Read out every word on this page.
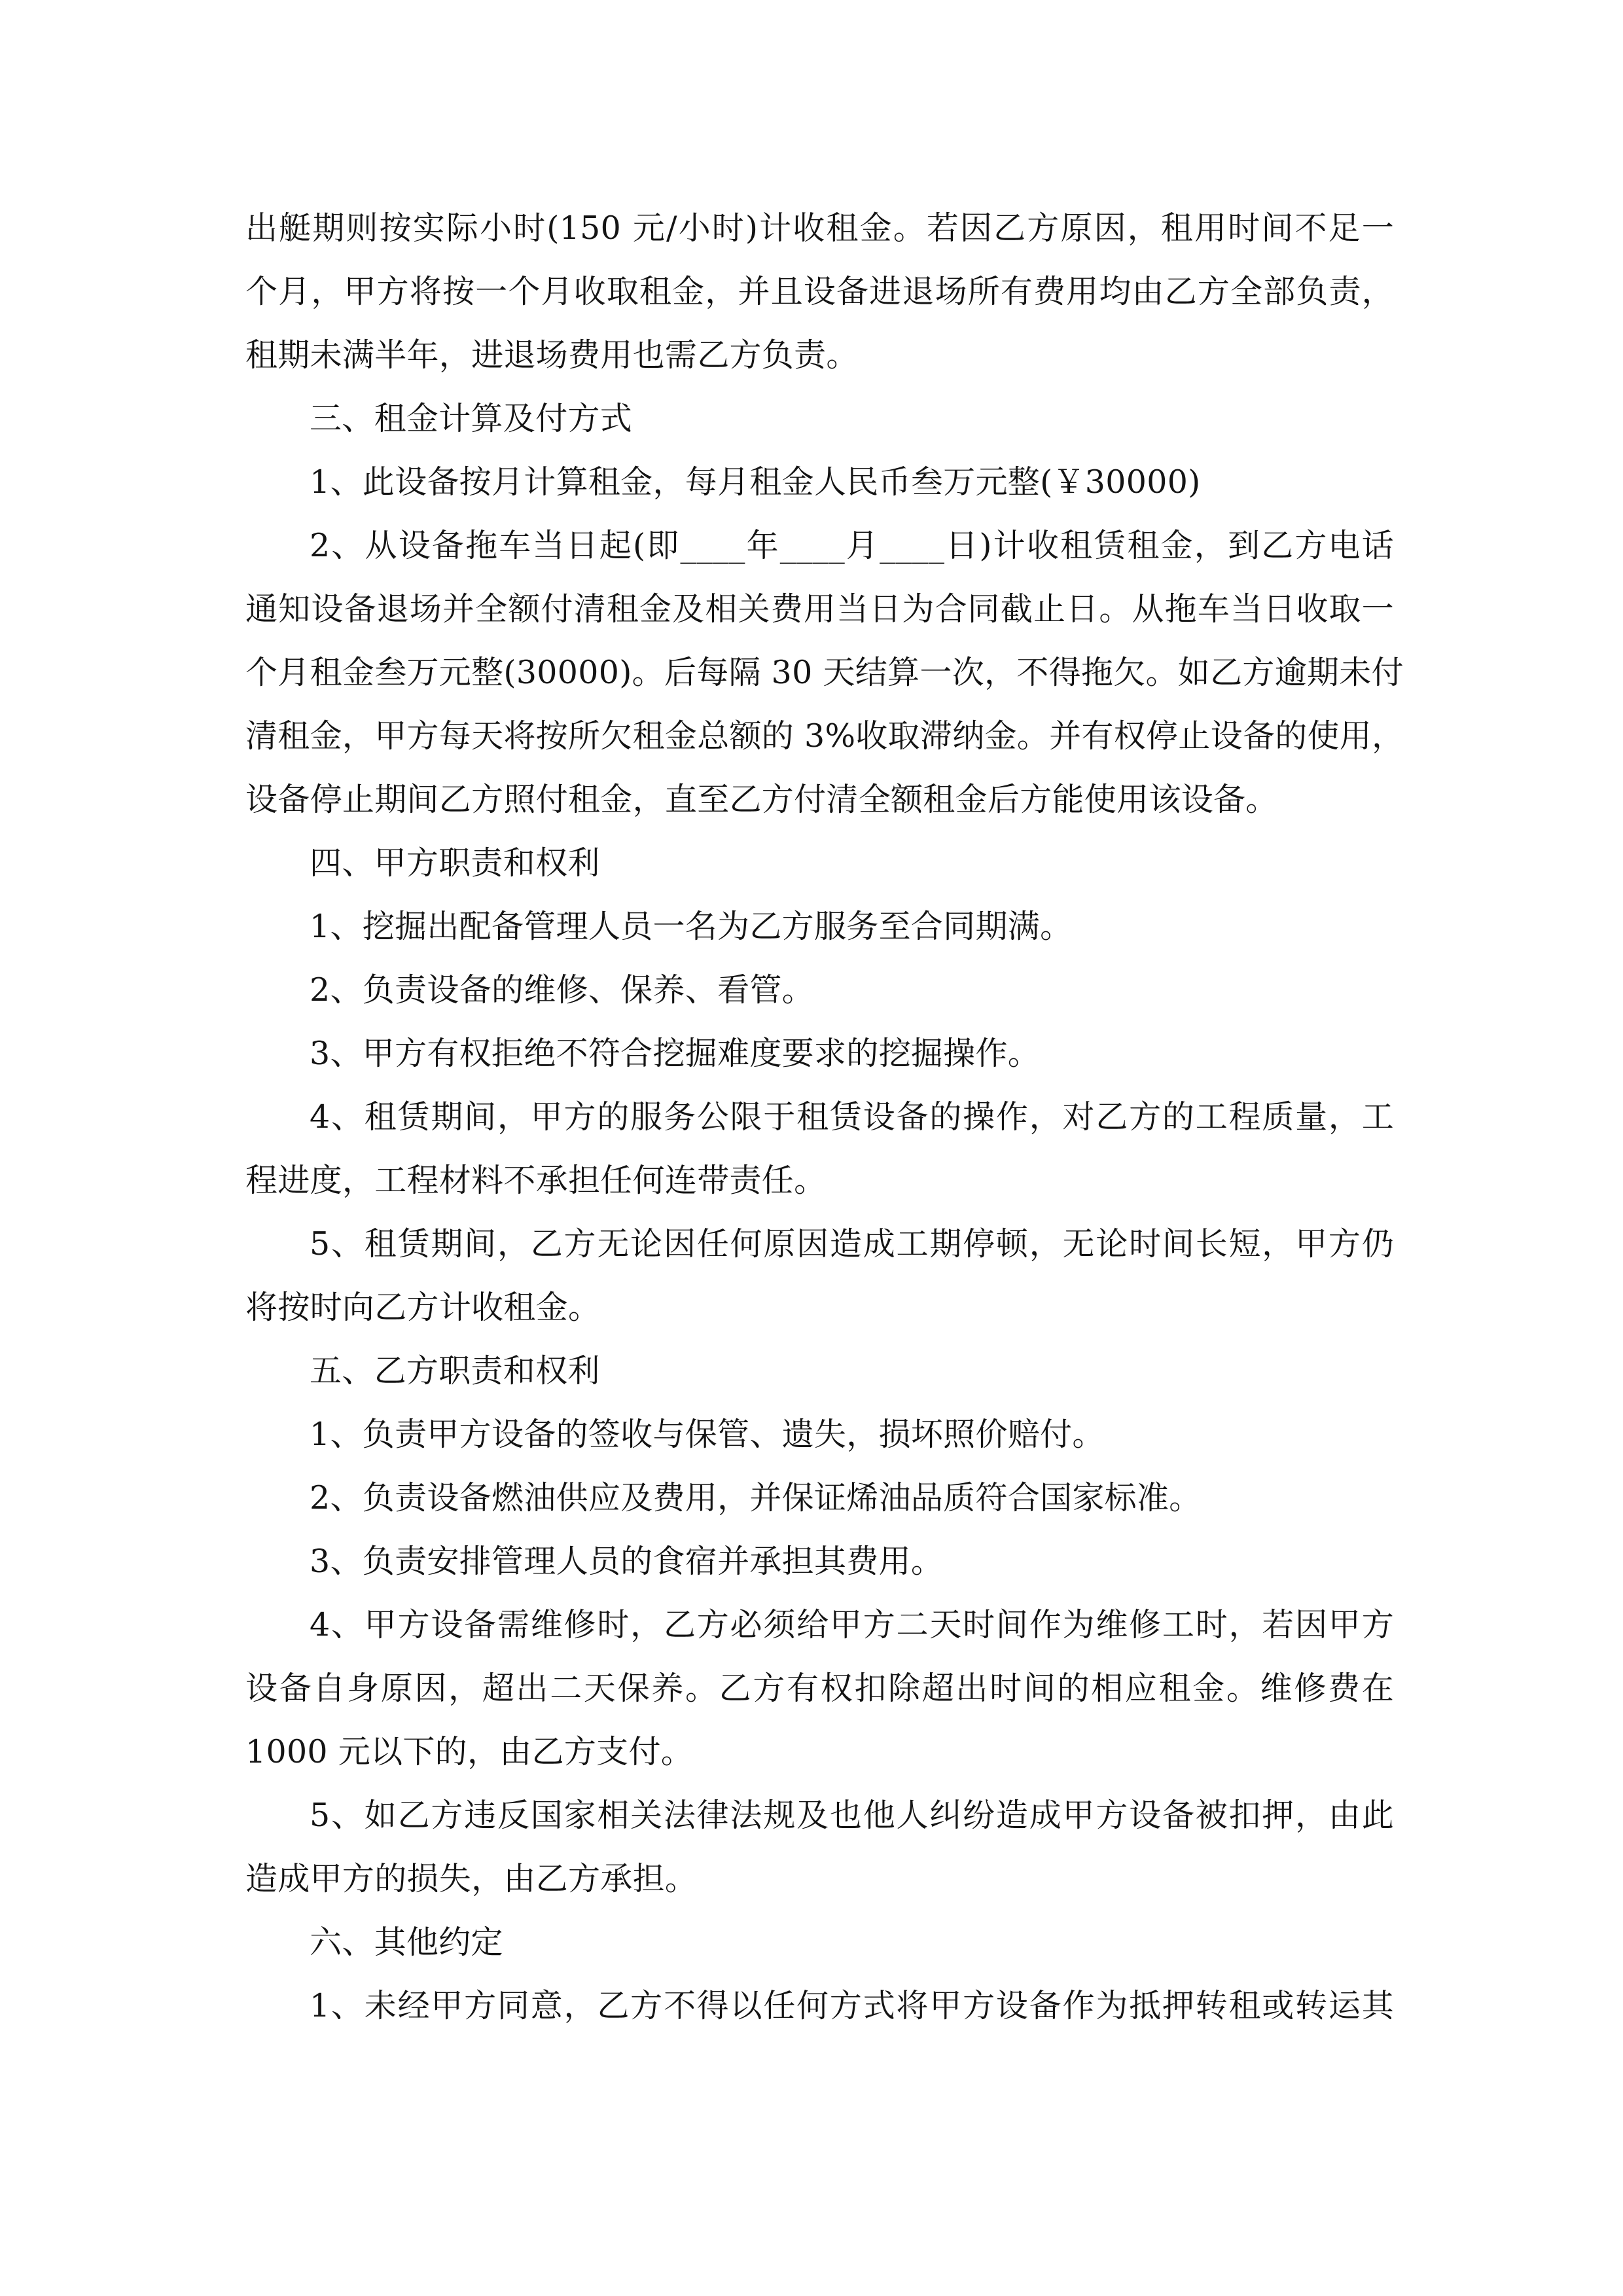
出艇期则按实际小时(150 元/小时)计收租金。若因乙方原因，租用时间不足一
个月，甲方将按一个月收取租金，并且设备进退场所有费用均由乙方全部负责，
租期未满半年，进退场费用也需乙方负责。
三、租金计算及付方式
1、此设备按月计算租金，每月租金人民币叁万元整(￥30000)
2、从设备拖车当日起(即____年____月____日)计收租赁租金，到乙方电话
通知设备退场并全额付清租金及相关费用当日为合同截止日。从拖车当日收取一
个月租金叁万元整(30000)。后每隔 30 天结算一次，不得拖欠。如乙方逾期未付
清租金，甲方每天将按所欠租金总额的 3%收取滞纳金。并有权停止设备的使用，
设备停止期间乙方照付租金，直至乙方付清全额租金后方能使用该设备。
四、甲方职责和权利
1、挖掘出配备管理人员一名为乙方服务至合同期满。
2、负责设备的维修、保养、看管。
3、甲方有权拒绝不符合挖掘难度要求的挖掘操作。
4、租赁期间，甲方的服务公限于租赁设备的操作，对乙方的工程质量，工
程进度，工程材料不承担任何连带责任。
5、租赁期间，乙方无论因任何原因造成工期停顿，无论时间长短，甲方仍
将按时向乙方计收租金。
五、乙方职责和权利
1、负责甲方设备的签收与保管、遗失，损坏照价赔付。
2、负责设备燃油供应及费用，并保证烯油品质符合国家标准。
3、负责安排管理人员的食宿并承担其费用。
4、甲方设备需维修时，乙方必须给甲方二天时间作为维修工时，若因甲方
设备自身原因，超出二天保养。乙方有权扣除超出时间的相应租金。维修费在
1000 元以下的，由乙方支付。
5、如乙方违反国家相关法律法规及也他人纠纷造成甲方设备被扣押，由此
造成甲方的损失，由乙方承担。
六、其他约定
1、未经甲方同意，乙方不得以任何方式将甲方设备作为抵押转租或转运其
